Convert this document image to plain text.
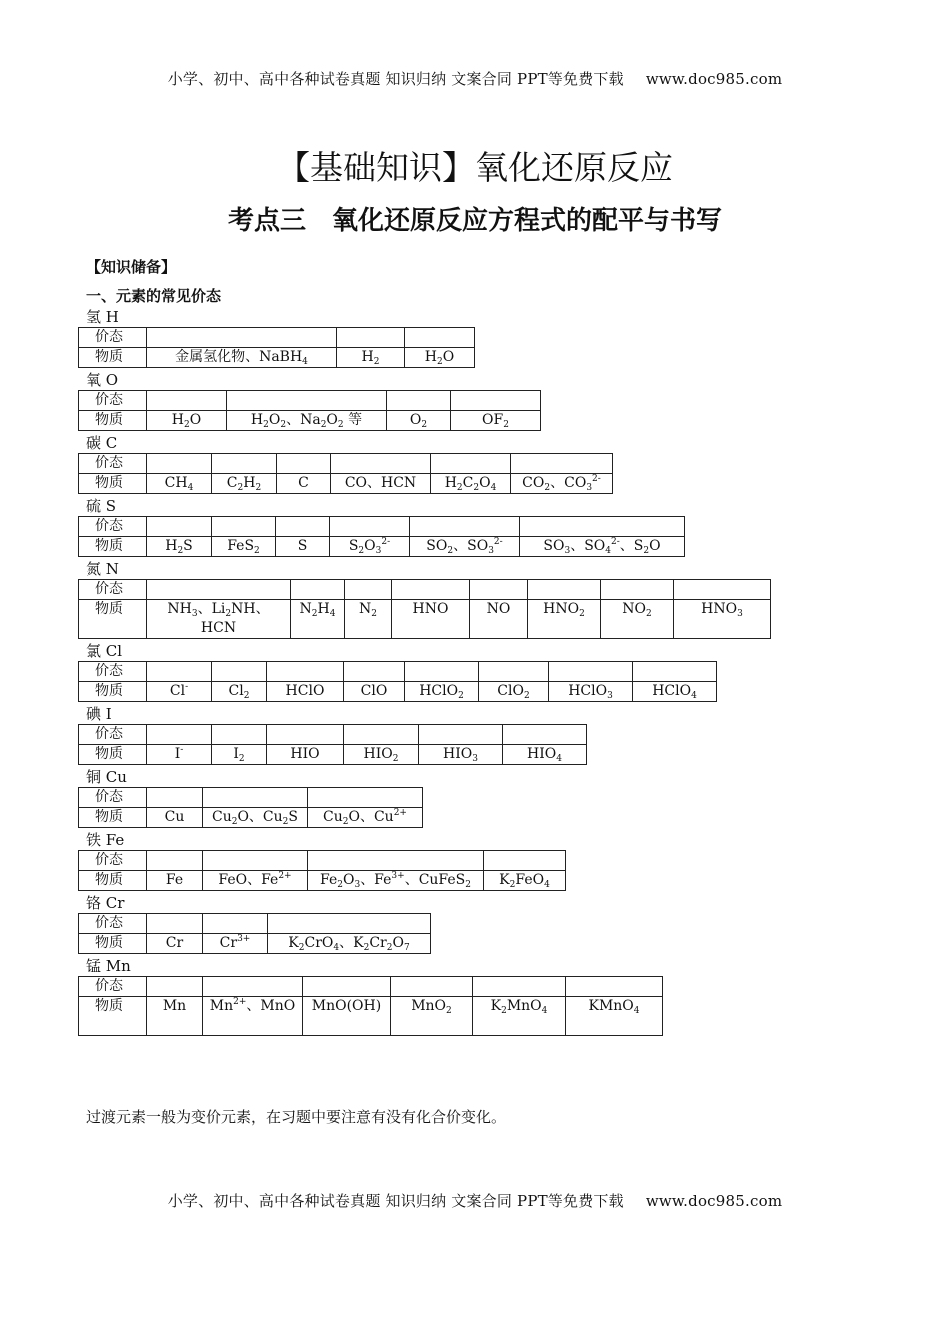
小学、初中、高中各种试卷真题 知识归纳 文案合同 PPT等免费下载 www.doc985.com
【基础知识】氧化还原反应
考点三　氧化还原反应方程式的配平与书写
【知识储备】
一、元素的常见价态
氢 H
价态			
物质	金属氢化物、NaBH$_4$	$H_2$	$H_2O$
氧 O
价态				
物质	$H_2O$	$H_2O_2$、$Na_2O_2$ 等	$O_2$	$OF_2$
碳 C
价态						
物质	$CH_4$	$C_2H_2$	C	CO、HCN	$H_2C_2O_4$	$CO_2$、$CO_3^{2-}$
硫 S
价态						
物质	$H_2S$	FeS$_2$	S	$S_2O_3^{2-}$	$SO_2$、$SO_3^{2-}$	$SO_3$、$SO_4^{2-}$、$S_2O$
氮 N
价态								
物质	$NH_3$、$Li_2NH$、HCN	$N_2H_4$	$N_2$	HNO	NO	$HNO_2$	$NO_2$	$HNO_3$
氯 Cl
价态								
物质	Cl-	$Cl_2$	HClO	ClO	HClO$_2$	ClO$_2$	HClO$_3$	HClO$_4$
碘 I
价态						
物质	I-	$I_2$	HIO	$HIO_2$	$HIO_3$	$HIO_4$
铜 Cu
价态			
物质	Cu	$Cu_2O$、$Cu_2S$	$Cu_2O$、$Cu^{2+}$
铁 Fe
价态				
物质	Fe	FeO、$Fe^{2+}$	$Fe_2O_3$、$Fe^{3+}$、CuFeS$_2$	$K_2FeO_4$
铬 Cr
价态			
物质	Cr	$Cr^{3+}$	$K_2CrO_4$、$K_2Cr_2O_7$
锰 Mn
价态						
物质	Mn	$Mn^{2+}$、MnO	MnO(OH)	MnO$_2$	$K_2MnO_4$	KMnO$_4$
过渡元素一般为变价元素，在习题中要注意有没有化合价变化。
小学、初中、高中各种试卷真题 知识归纳 文案合同 PPT等免费下载 www.doc985.com
